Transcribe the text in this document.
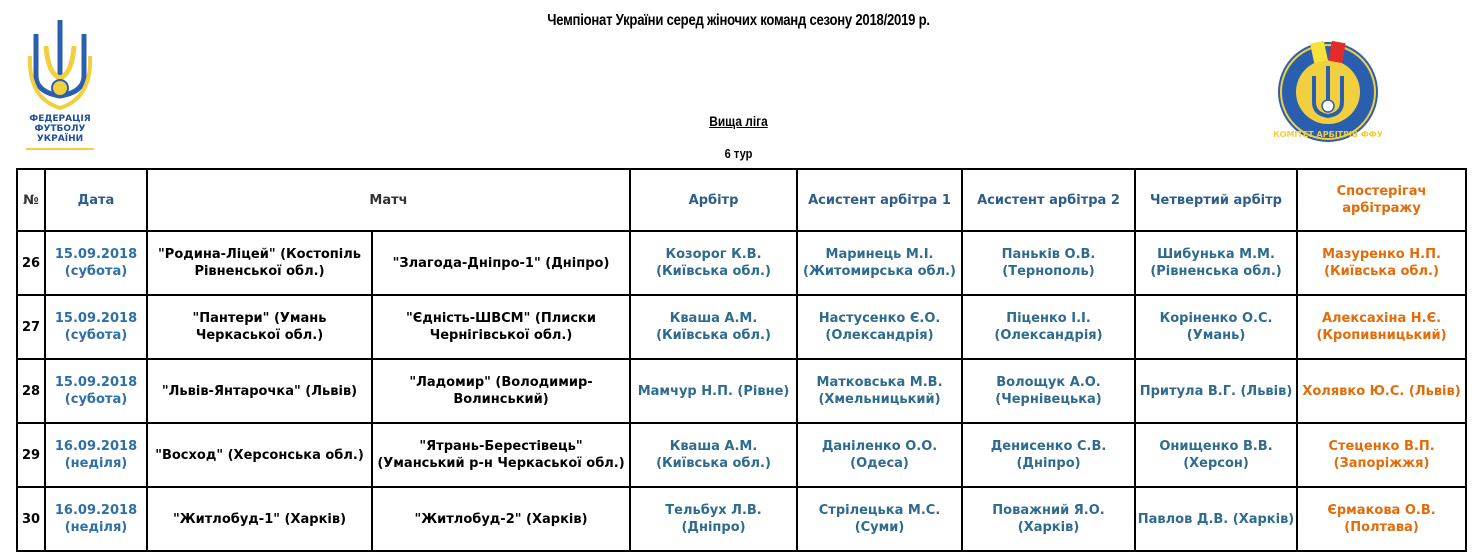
ФЕДЕРАЦІЯ
ФУТБОЛУ
УКРАЇНИ	КОМІТЕТ АРБІТРІВ ФФУ
Чемпіонат України серед жіночих команд сезону 2018/2019 р.
Вища ліга
6 тур
№	Дата	Матч		Арбітр	Асистент арбітра 1	Асистент арбітра 2	Четвертий арбітр	Спостерігач арбітражу
26	15.09.2018 (субота)	"Родина-Ліцей" (Костопіль Рівненської обл.)	"Злагода-Дніпро-1" (Дніпро)	Козорог К.В. (Київська обл.)	Маринець М.І. (Житомирська обл.)	Паньків О.В. (Тернополь)	Шибунька М.М. (Рівненська обл.)	Мазуренко Н.П. (Київська обл.)
27	15.09.2018 (субота)	"Пантери" (Умань Черкаської обл.)	"Єдність-ШВСМ" (Плиски Чернігівської обл.)	Кваша А.М. (Київська обл.)	Настусенко Є.О. (Олександрія)	Піценко І.І. (Олександрія)	Коріненко О.С. (Умань)	Алексахіна Н.Є. (Кропивницький)
28	15.09.2018 (субота)	"Львів-Янтарочка" (Львів)	"Ладомир" (Володимир-Волинський)	Мамчур Н.П. (Рівне)	Матковська М.В. (Хмельницький)	Волощук А.О. (Чернівецька)	Притула В.Г. (Львів)	Холявко Ю.С. (Львів)
29	16.09.2018 (неділя)	"Восход" (Херсонська обл.)	"Ятрань-Берестівець" (Уманський р-н Черкаської обл.)	Кваша А.М. (Київська обл.)	Даніленко О.О. (Одеса)	Денисенко С.В. (Дніпро)	Онищенко В.В. (Херсон)	Стеценко В.П. (Запоріжжя)
30	16.09.2018 (неділя)	"Житлобуд-1" (Харків)	"Житлобуд-2" (Харків)	Тельбух Л.В. (Дніпро)	Стрілецька М.С. (Суми)	Поважний Я.О. (Харків)	Павлов Д.В. (Харків)	Єрмакова О.В. (Полтава)
